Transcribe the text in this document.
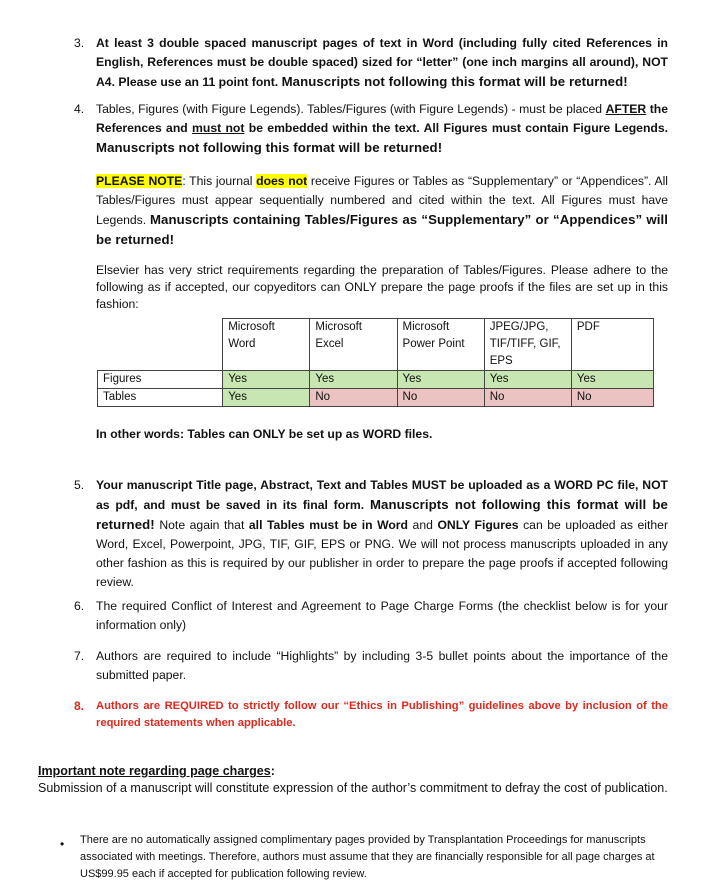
3. At least 3 double spaced manuscript pages of text in Word (including fully cited References in English, References must be double spaced) sized for “letter” (one inch margins all around), NOT A4. Please use an 11 point font. Manuscripts not following this format will be returned!
4. Tables, Figures (with Figure Legends). Tables/Figures (with Figure Legends) - must be placed AFTER the References and must not be embedded within the text. All Figures must contain Figure Legends. Manuscripts not following this format will be returned!
PLEASE NOTE: This journal does not receive Figures or Tables as “Supplementary” or “Appendices”. All Tables/Figures must appear sequentially numbered and cited within the text. All Figures must have Legends. Manuscripts containing Tables/Figures as “Supplementary” or “Appendices” will be returned!
Elsevier has very strict requirements regarding the preparation of Tables/Figures. Please adhere to the following as if accepted, our copyeditors can ONLY prepare the page proofs if the files are set up in this fashion:
	Microsoft Word	Microsoft Excel	Microsoft Power Point	JPEG/JPG, TIF/TIFF, GIF, EPS	PDF
Figures	Yes	Yes	Yes	Yes	Yes
Tables	Yes	No	No	No	No
In other words: Tables can ONLY be set up as WORD files.
5. Your manuscript Title page, Abstract, Text and Tables MUST be uploaded as a WORD PC file, NOT as pdf, and must be saved in its final form. Manuscripts not following this format will be returned! Note again that all Tables must be in Word and ONLY Figures can be uploaded as either Word, Excel, Powerpoint, JPG, TIF, GIF, EPS or PNG. We will not process manuscripts uploaded in any other fashion as this is required by our publisher in order to prepare the page proofs if accepted following review.
6. The required Conflict of Interest and Agreement to Page Charge Forms (the checklist below is for your information only)
7. Authors are required to include “Highlights” by including 3-5 bullet points about the importance of the submitted paper.
8.	Authors are REQUIRED to strictly follow our “Ethics in Publishing” guidelines above by inclusion of the required statements when applicable.
Important note regarding page charges:
Submission of a manuscript will constitute expression of the author’s commitment to defray the cost of publication.
•	There are no automatically assigned complimentary pages provided by Transplantation Proceedings for manuscripts associated with meetings. Therefore, authors must assume that they are financially responsible for all page charges at US$99.95 each if accepted for publication following review.
